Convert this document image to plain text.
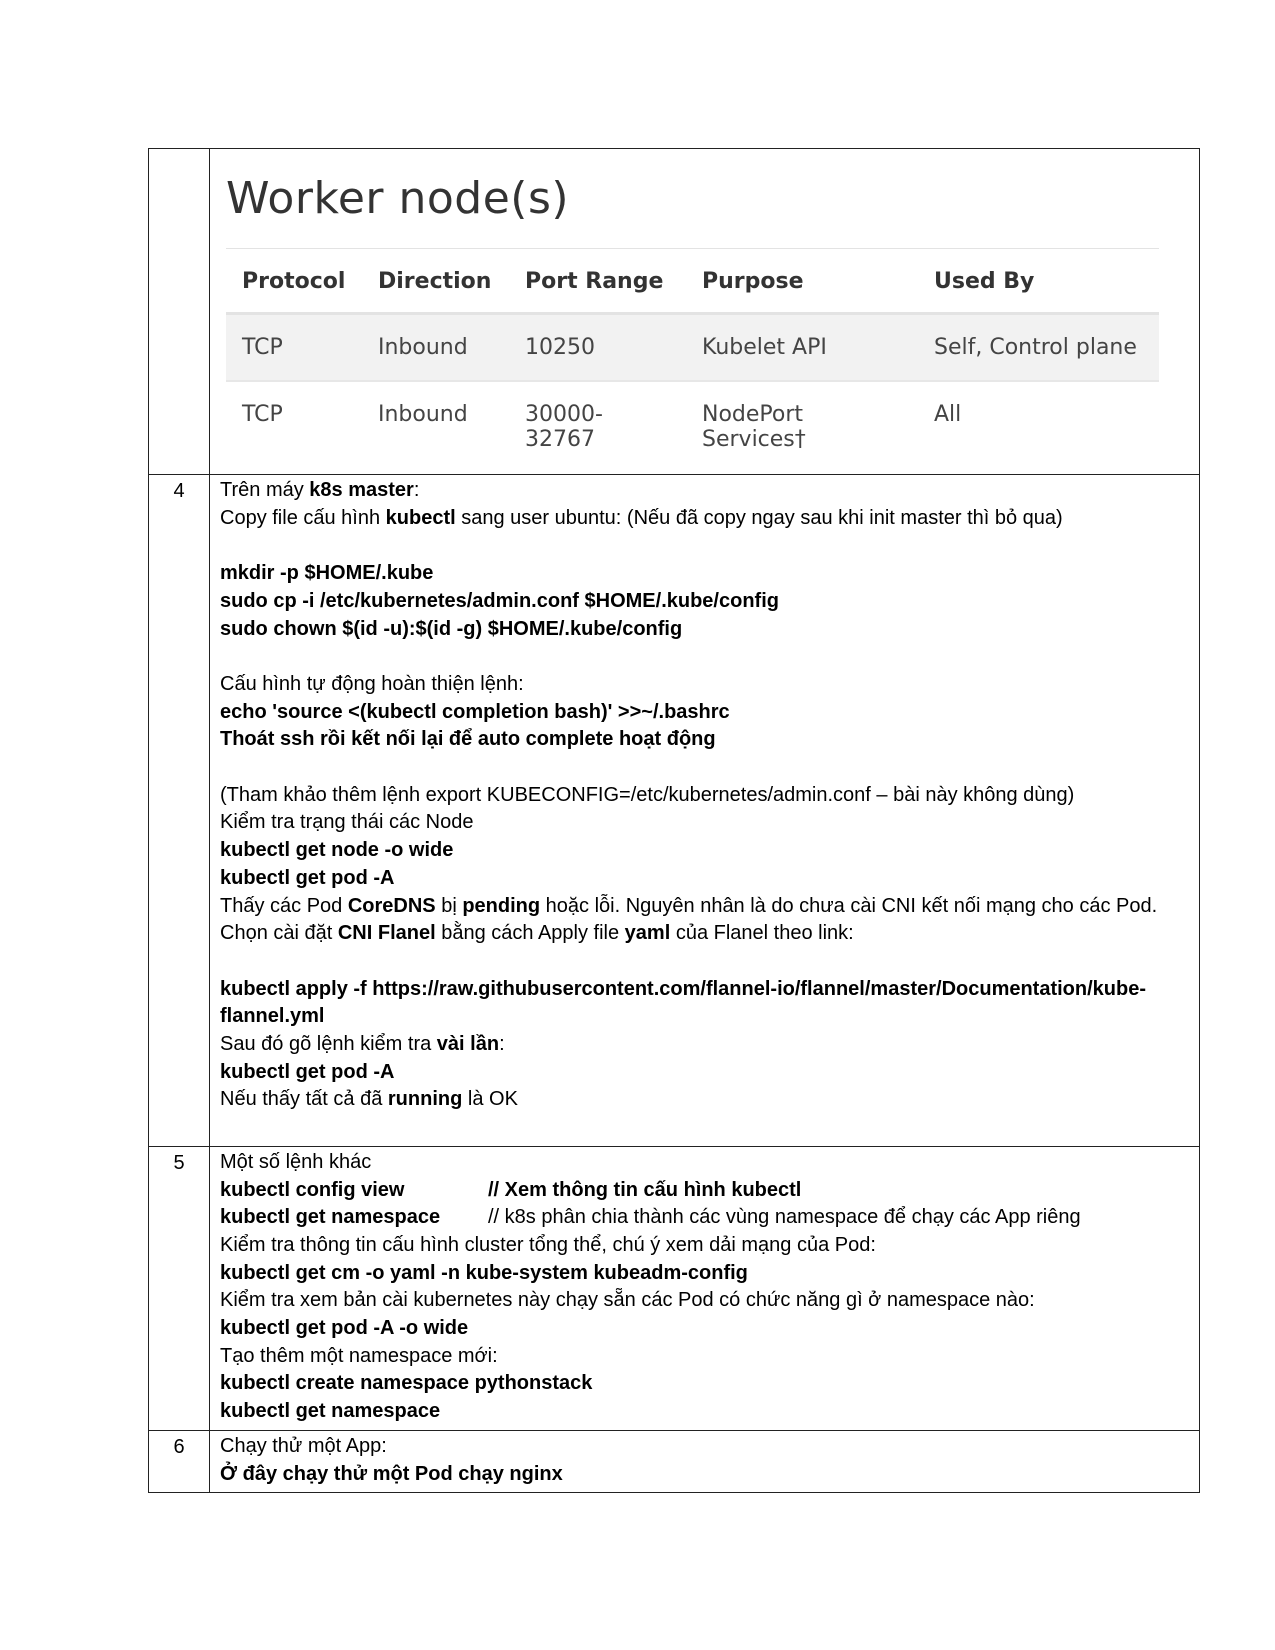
Worker node(s)
Protocol	Direction	Port Range	Purpose	Used By
TCP	Inbound	10250	Kubelet API	Self, Control plane
TCP	Inbound	30000-32767	NodePort Services†	All

4	Trên máy k8s master:

Copy file cấu hình kubectl sang user ubuntu: (Nếu đã copy ngay sau khi init master thì bỏ qua)

mkdir -p $HOME/.kube

sudo cp -i /etc/kubernetes/admin.conf $HOME/.kube/config

sudo chown $(id -u):$(id -g) $HOME/.kube/config

Cấu hình tự động hoàn thiện lệnh:

echo 'source <(kubectl completion bash)' >>~/.bashrc

Thoát ssh rồi kết nối lại để auto complete hoạt động

(Tham khảo thêm lệnh export KUBECONFIG=/etc/kubernetes/admin.conf – bài này không dùng)

Kiểm tra trạng thái các Node

kubectl get node -o wide

kubectl get pod -A

Thấy các Pod CoreDNS bị pending hoặc lỗi. Nguyên nhân là do chưa cài CNI kết nối mạng cho các Pod.

Chọn cài đặt CNI Flanel bằng cách Apply file yaml của Flanel theo link:

kubectl apply -f https://raw.githubusercontent.com/flannel-io/flannel/master/Documentation/kube-

flannel.yml

Sau đó gõ lệnh kiểm tra vài lần:

kubectl get pod -A

Nếu thấy tất cả đã running là OK

5	Một số lệnh khác

kubectl config view	// Xem thông tin cấu hình kubectl
kubectl get namespace	// k8s phân chia thành các vùng namespace để chạy các App riêng

Kiểm tra thông tin cấu hình cluster tổng thể, chú ý xem dải mạng của Pod:

kubectl get cm -o yaml -n kube-system kubeadm-config

Kiểm tra xem bản cài kubernetes này chạy sẵn các Pod có chức năng gì ở namespace nào:

kubectl get pod -A -o wide

Tạo thêm một namespace mới:

kubectl create namespace pythonstack

kubectl get namespace

6	Chạy thử một App:

Ở đây chạy thử một Pod chạy nginx
